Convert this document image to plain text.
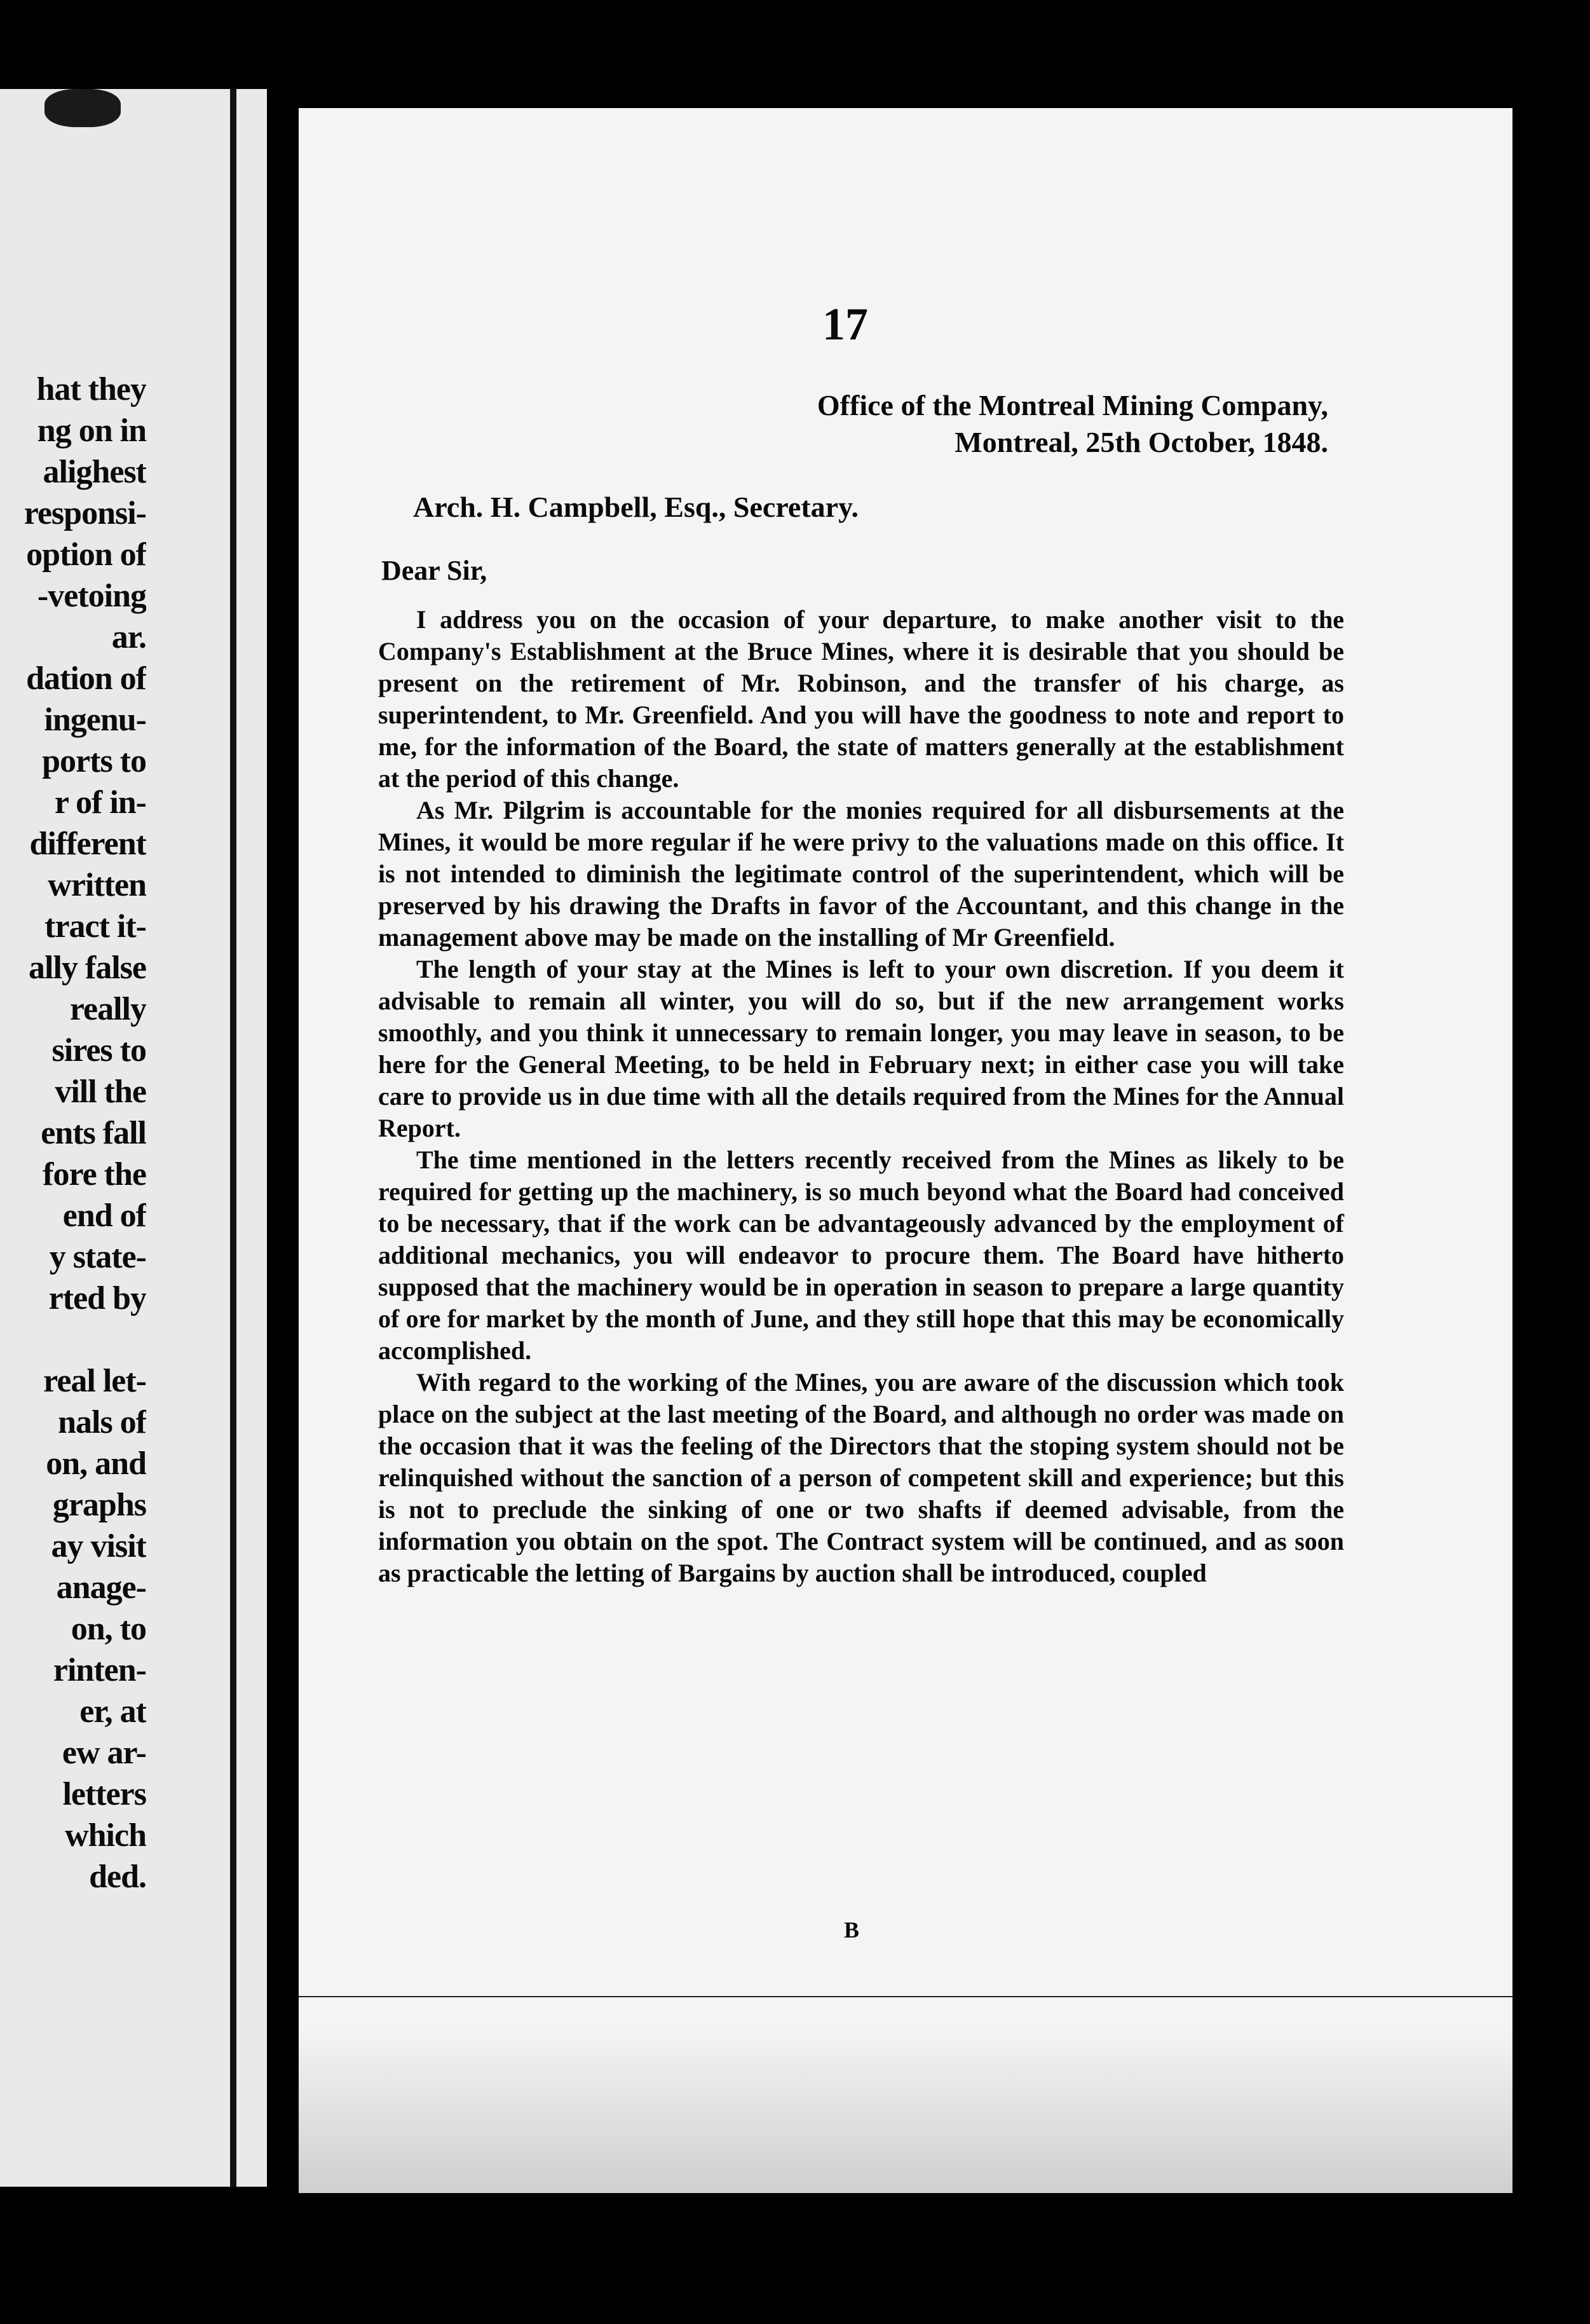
hat they
ng on in
alighest
responsi-
option of
-vetoing
ar.
dation of
ingenu-
ports to
r of in-
different
written
tract it-
ally false
really
sires to
vill the
ents fall
fore the
end of
y state-
rted by
real let-
nals of
on, and
graphs
ay visit
anage-
on, to
rinten-
er, at
ew ar-
letters
which
ded.
17
Office of the Montreal Mining Company,
Montreal, 25th October, 1848.
Arch. H. Campbell, Esq., Secretary.
Dear Sir,

I address you on the occasion of your departure, to make another visit to the Company's Establishment at the Bruce Mines, where it is desirable that you should be present on the retirement of Mr. Robinson, and the transfer of his charge, as superintendent, to Mr. Greenfield. And you will have the goodness to note and report to me, for the information of the Board, the state of matters generally at the establishment at the period of this change.

As Mr. Pilgrim is accountable for the monies required for all disbursements at the Mines, it would be more regular if he were privy to the valuations made on this office. It is not intended to diminish the legitimate control of the superintendent, which will be preserved by his drawing the Drafts in favor of the Accountant, and this change in the management above may be made on the installing of Mr Greenfield.

The length of your stay at the Mines is left to your own discretion. If you deem it advisable to remain all winter, you will do so, but if the new arrangement works smoothly, and you think it unnecessary to remain longer, you may leave in season, to be here for the General Meeting, to be held in February next; in either case you will take care to provide us in due time with all the details required from the Mines for the Annual Report.

The time mentioned in the letters recently received from the Mines as likely to be required for getting up the machinery, is so much beyond what the Board had conceived to be necessary, that if the work can be advantageously advanced by the employment of additional mechanics, you will endeavor to procure them. The Board have hitherto supposed that the machinery would be in operation in season to prepare a large quantity of ore for market by the month of June, and they still hope that this may be economically accomplished.

With regard to the working of the Mines, you are aware of the discussion which took place on the subject at the last meeting of the Board, and although no order was made on the occasion that it was the feeling of the Directors that the stoping system should not be relinquished without the sanction of a person of competent skill and experience; but this is not to preclude the sinking of one or two shafts if deemed advisable, from the information you obtain on the spot. The Contract system will be continued, and as soon as practicable the letting of Bargains by auction shall be introduced, coupled

B
